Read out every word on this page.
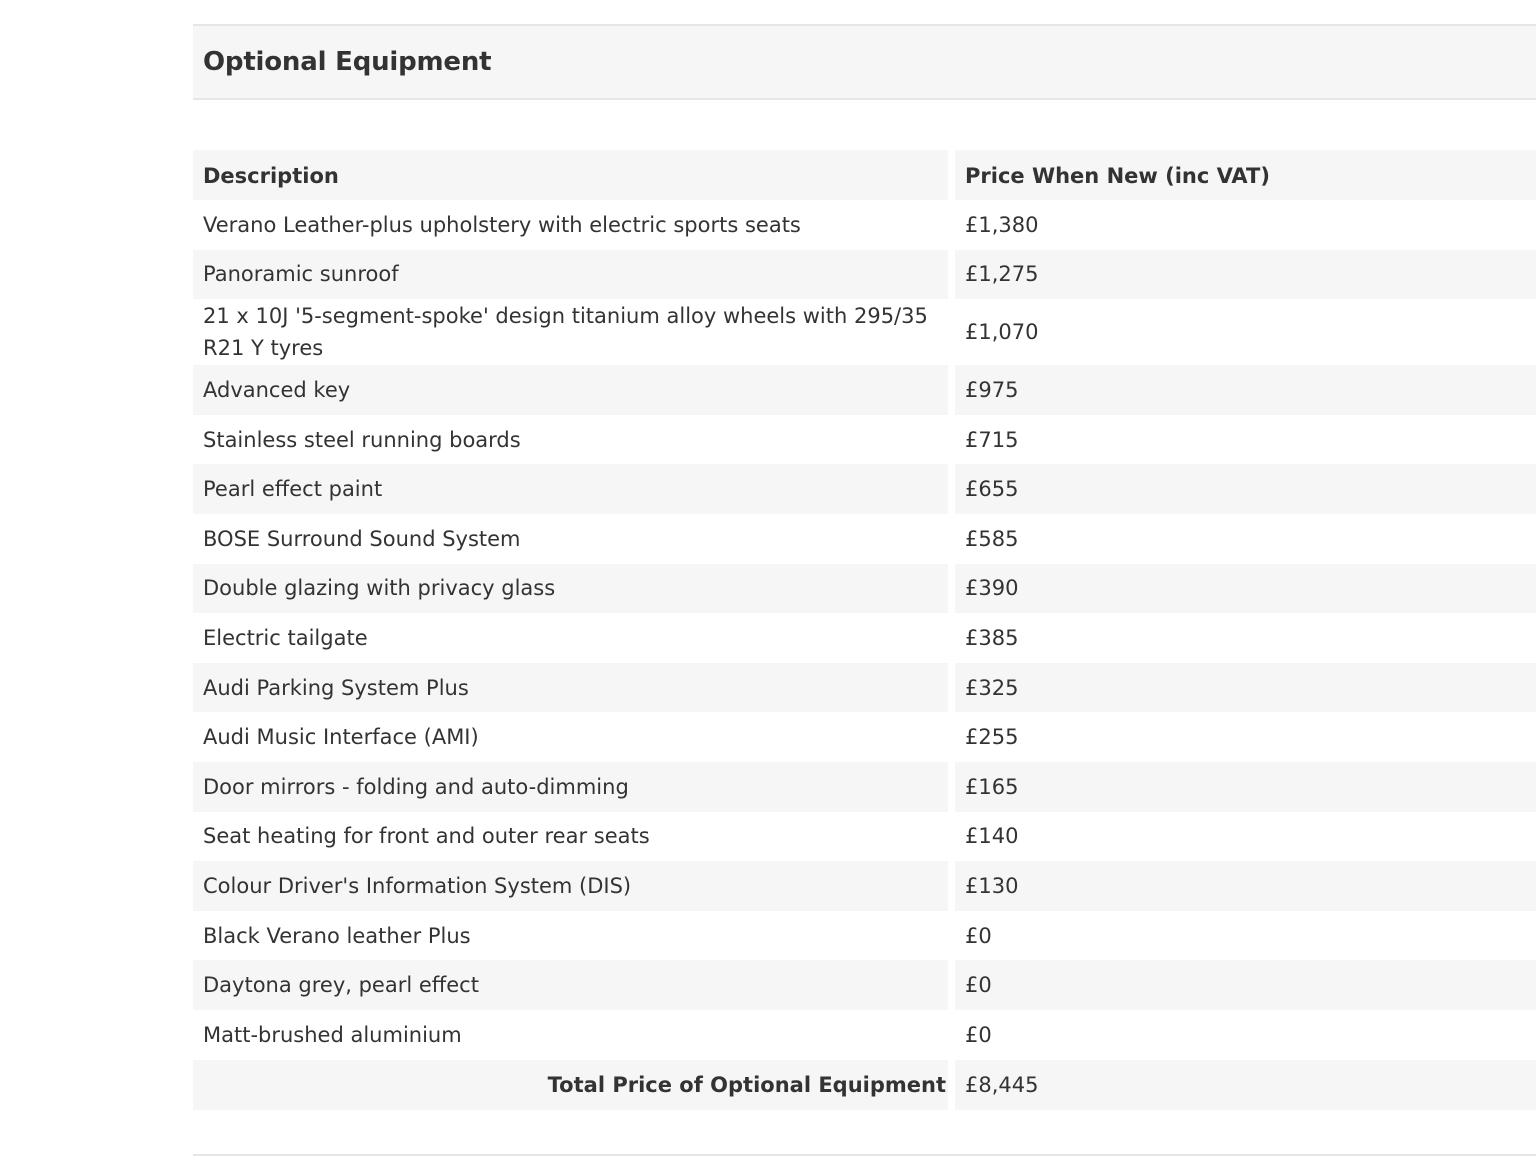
Optional Equipment
Description	Price When New (inc VAT)
Verano Leather-plus upholstery with electric sports seats	£1,380
Panoramic sunroof	£1,275
21 x 10J '5-segment-spoke' design titanium alloy wheels with 295/35 R21 Y tyres	£1,070
Advanced key	£975
Stainless steel running boards	£715
Pearl effect paint	£655
BOSE Surround Sound System	£585
Double glazing with privacy glass	£390
Electric tailgate	£385
Audi Parking System Plus	£325
Audi Music Interface (AMI)	£255
Door mirrors - folding and auto-dimming	£165
Seat heating for front and outer rear seats	£140
Colour Driver's Information System (DIS)	£130
Black Verano leather Plus	£0
Daytona grey, pearl effect	£0
Matt-brushed aluminium	£0
Total Price of Optional Equipment	£8,445
